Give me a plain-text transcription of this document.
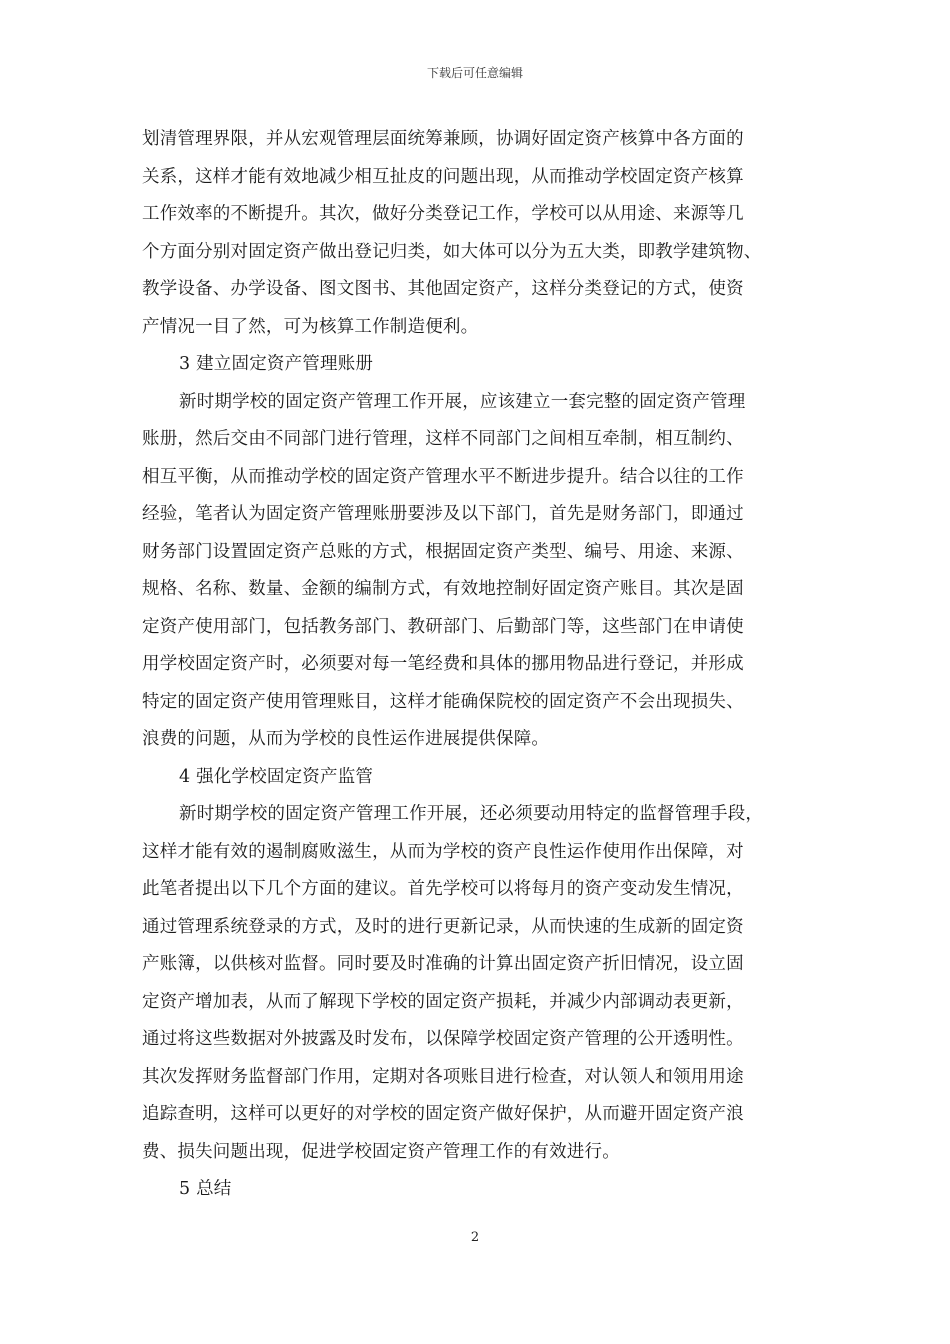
下载后可任意编辑
划清管理界限，并从宏观管理层面统筹兼顾，协调好固定资产核算中各方面的
关系，这样才能有效地减少相互扯皮的问题出现，从而推动学校固定资产核算
工作效率的不断提升。其次，做好分类登记工作，学校可以从用途、来源等几
个方面分别对固定资产做出登记归类，如大体可以分为五大类，即教学建筑物、
教学设备、办学设备、图文图书、其他固定资产，这样分类登记的方式，使资
产情况一目了然，可为核算工作制造便利。
3 建立固定资产管理账册
新时期学校的固定资产管理工作开展，应该建立一套完整的固定资产管理
账册，然后交由不同部门进行管理，这样不同部门之间相互牵制，相互制约、
相互平衡，从而推动学校的固定资产管理水平不断进步提升。结合以往的工作
经验，笔者认为固定资产管理账册要涉及以下部门，首先是财务部门，即通过
财务部门设置固定资产总账的方式，根据固定资产类型、编号、用途、来源、
规格、名称、数量、金额的编制方式，有效地控制好固定资产账目。其次是固
定资产使用部门，包括教务部门、教研部门、后勤部门等，这些部门在申请使
用学校固定资产时，必须要对每一笔经费和具体的挪用物品进行登记，并形成
特定的固定资产使用管理账目，这样才能确保院校的固定资产不会出现损失、
浪费的问题，从而为学校的良性运作进展提供保障。
4 强化学校固定资产监管
新时期学校的固定资产管理工作开展，还必须要动用特定的监督管理手段，
这样才能有效的遏制腐败滋生，从而为学校的资产良性运作使用作出保障，对
此笔者提出以下几个方面的建议。首先学校可以将每月的资产变动发生情况，
通过管理系统登录的方式，及时的进行更新记录，从而快速的生成新的固定资
产账簿，以供核对监督。同时要及时准确的计算出固定资产折旧情况，设立固
定资产增加表，从而了解现下学校的固定资产损耗，并减少内部调动表更新，
通过将这些数据对外披露及时发布，以保障学校固定资产管理的公开透明性。
其次发挥财务监督部门作用，定期对各项账目进行检查，对认领人和领用用途
追踪查明，这样可以更好的对学校的固定资产做好保护，从而避开固定资产浪
费、损失问题出现，促进学校固定资产管理工作的有效进行。
5 总结
2
